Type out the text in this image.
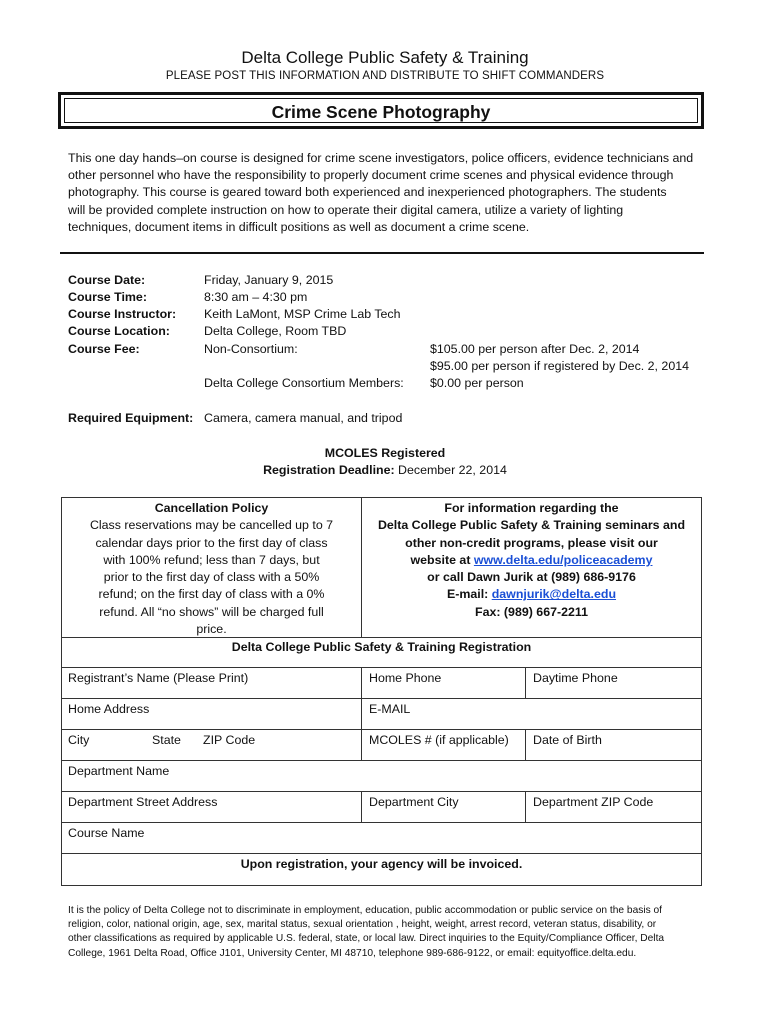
Delta College Public Safety & Training
PLEASE POST THIS INFORMATION AND DISTRIBUTE TO SHIFT COMMANDERS
Crime Scene Photography
This one day hands–on course is designed for crime scene investigators, police officers, evidence technicians and
other personnel who have the responsibility to properly document crime scenes and physical evidence through
photography. This course is geared toward both experienced and inexperienced photographers. The students
will be provided complete instruction on how to operate their digital camera, utilize a variety of lighting
techniques, document items in difficult positions as well as document a crime scene.
Course Date:	Friday, January 9, 2015
Course Time:	8:30 am – 4:30 pm
Course Instructor: Keith LaMont, MSP Crime Lab Tech
Course Location:	Delta College, Room TBD
Course Fee:	Non-Consortium:	$105.00 per person after Dec. 2, 2014
$95.00 per person if registered by Dec. 2, 2014
Delta College Consortium Members: $0.00 per person
Required Equipment: Camera, camera manual, and tripod
MCOLES Registered
Registration Deadline: December 22, 2014
Cancellation Policy
Class reservations may be cancelled up to 7
calendar days prior to the first day of class
with 100% refund; less than 7 days, but
prior to the first day of class with a 50%
refund; on the first day of class with a 0%
refund. All “no shows” will be charged full
price.
For information regarding the
Delta College Public Safety & Training seminars and
other non-credit programs, please visit our
website at www.delta.edu/policeacademy
or call Dawn Jurik at (989) 686-9176
E-mail: dawnjurik@delta.edu
Fax: (989) 667-2211
Delta College Public Safety & Training Registration
Registrant’s Name (Please Print)	Home Phone	Daytime Phone
Home Address	E-MAIL
City	State ZIP Code	MCOLES # (if applicable) Date of Birth
Department Name
Department Street Address	Department City	Department ZIP Code
Course Name
Upon registration, your agency will be invoiced.
It is the policy of Delta College not to discriminate in employment, education, public accommodation or public service on the basis of
religion, color, national origin, age, sex, marital status, sexual orientation , height, weight, arrest record, veteran status, disability, or
other classifications as required by applicable U.S. federal, state, or local law. Direct inquiries to the Equity/Compliance Officer, Delta
College, 1961 Delta Road, Office J101, University Center, MI 48710, telephone 989-686-9122, or email: equityoffice.delta.edu.
